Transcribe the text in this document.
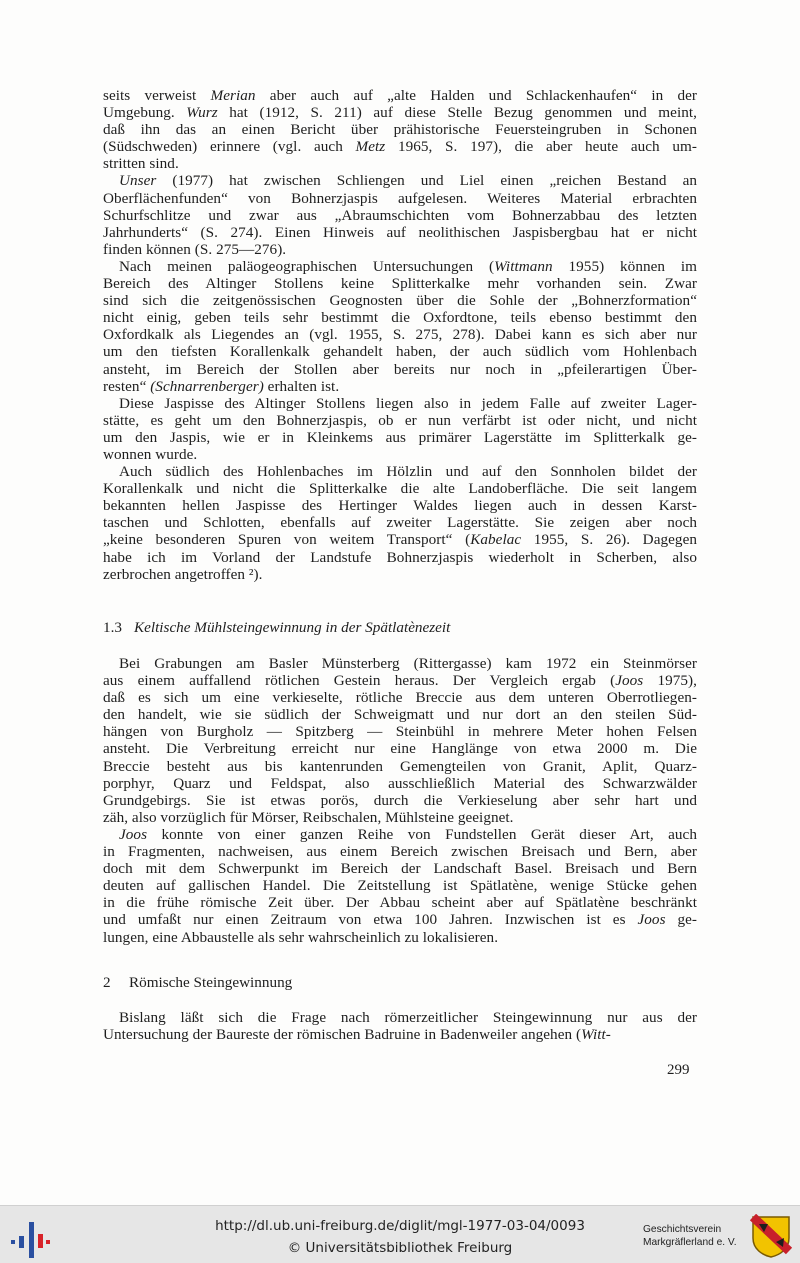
seits verweist Merian aber auch auf „alte Halden und Schlackenhaufen“ in der
Umgebung. Wurz hat (1912, S. 211) auf diese Stelle Bezug genommen und meint,
daß ihn das an einen Bericht über prähistorische Feuersteingruben in Schonen
(Südschweden) erinnere (vgl. auch Metz 1965, S. 197), die aber heute auch um-
stritten sind.

Unser (1977) hat zwischen Schliengen und Liel einen „reichen Bestand an
Oberflächenfunden“ von Bohnerzjaspis aufgelesen. Weiteres Material erbrachten
Schurfschlitze und zwar aus „Abraumschichten vom Bohnerzabbau des letzten
Jahrhunderts“ (S. 274). Einen Hinweis auf neolithischen Jaspisbergbau hat er nicht
finden können (S. 275—276).

Nach meinen paläogeographischen Untersuchungen (Wittmann 1955) können im
Bereich des Altinger Stollens keine Splitterkalke mehr vorhanden sein. Zwar
sind sich die zeitgenössischen Geognosten über die Sohle der „Bohnerzformation“
nicht einig, geben teils sehr bestimmt die Oxfordtone, teils ebenso bestimmt den
Oxfordkalk als Liegendes an (vgl. 1955, S. 275, 278). Dabei kann es sich aber nur
um den tiefsten Korallenkalk gehandelt haben, der auch südlich vom Hohlenbach
ansteht, im Bereich der Stollen aber bereits nur noch in „pfeilerartigen Über-
resten“ (Schnarrenberger) erhalten ist.

Diese Jaspisse des Altinger Stollens liegen also in jedem Falle auf zweiter Lager-
stätte, es geht um den Bohnerzjaspis, ob er nun verfärbt ist oder nicht, und nicht
um den Jaspis, wie er in Kleinkems aus primärer Lagerstätte im Splitterkalk ge-
wonnen wurde.

Auch südlich des Hohlenbaches im Hölzlin und auf den Sonnholen bildet der
Korallenkalk und nicht die Splitterkalke die alte Landoberfläche. Die seit langem
bekannten hellen Jaspisse des Hertinger Waldes liegen auch in dessen Karst-
taschen und Schlotten, ebenfalls auf zweiter Lagerstätte. Sie zeigen aber noch
„keine besonderen Spuren von weitem Transport“ (Kabelac 1955, S. 26). Dagegen
habe ich im Vorland der Landstufe Bohnerzjaspis wiederholt in Scherben, also
zerbrochen angetroffen ²).

1.3 Keltische Mühlsteingewinnung in der Spätlatènezeit

Bei Grabungen am Basler Münsterberg (Rittergasse) kam 1972 ein Steinmörser
aus einem auffallend rötlichen Gestein heraus. Der Vergleich ergab (Joos 1975),
daß es sich um eine verkieselte, rötliche Breccie aus dem unteren Oberrotliegen-
den handelt, wie sie südlich der Schweigmatt und nur dort an den steilen Süd-
hängen von Burgholz — Spitzberg — Steinbühl in mehrere Meter hohen Felsen
ansteht. Die Verbreitung erreicht nur eine Hanglänge von etwa 2000 m. Die
Breccie besteht aus bis kantenrunden Gemengteilen von Granit, Aplit, Quarz-
porphyr, Quarz und Feldspat, also ausschließlich Material des Schwarzwälder
Grundgebirgs. Sie ist etwas porös, durch die Verkieselung aber sehr hart und
zäh, also vorzüglich für Mörser, Reibschalen, Mühlsteine geeignet.

Joos konnte von einer ganzen Reihe von Fundstellen Gerät dieser Art, auch
in Fragmenten, nachweisen, aus einem Bereich zwischen Breisach und Bern, aber
doch mit dem Schwerpunkt im Bereich der Landschaft Basel. Breisach und Bern
deuten auf gallischen Handel. Die Zeitstellung ist Spätlatène, wenige Stücke gehen
in die frühe römische Zeit über. Der Abbau scheint aber auf Spätlatène beschränkt
und umfaßt nur einen Zeitraum von etwa 100 Jahren. Inzwischen ist es Joos ge-
lungen, eine Abbaustelle als sehr wahrscheinlich zu lokalisieren.

2 Römische Steingewinnung

Bislang läßt sich die Frage nach römerzeitlicher Steingewinnung nur aus der
Untersuchung der Baureste der römischen Badruine in Badenweiler angehen (Witt-

299
http://dl.ub.uni-freiburg.de/diglit/mgl-1977-03-04/0093
© Universitätsbibliothek Freiburg
Geschichtsverein
Markgräflerland e. V.
